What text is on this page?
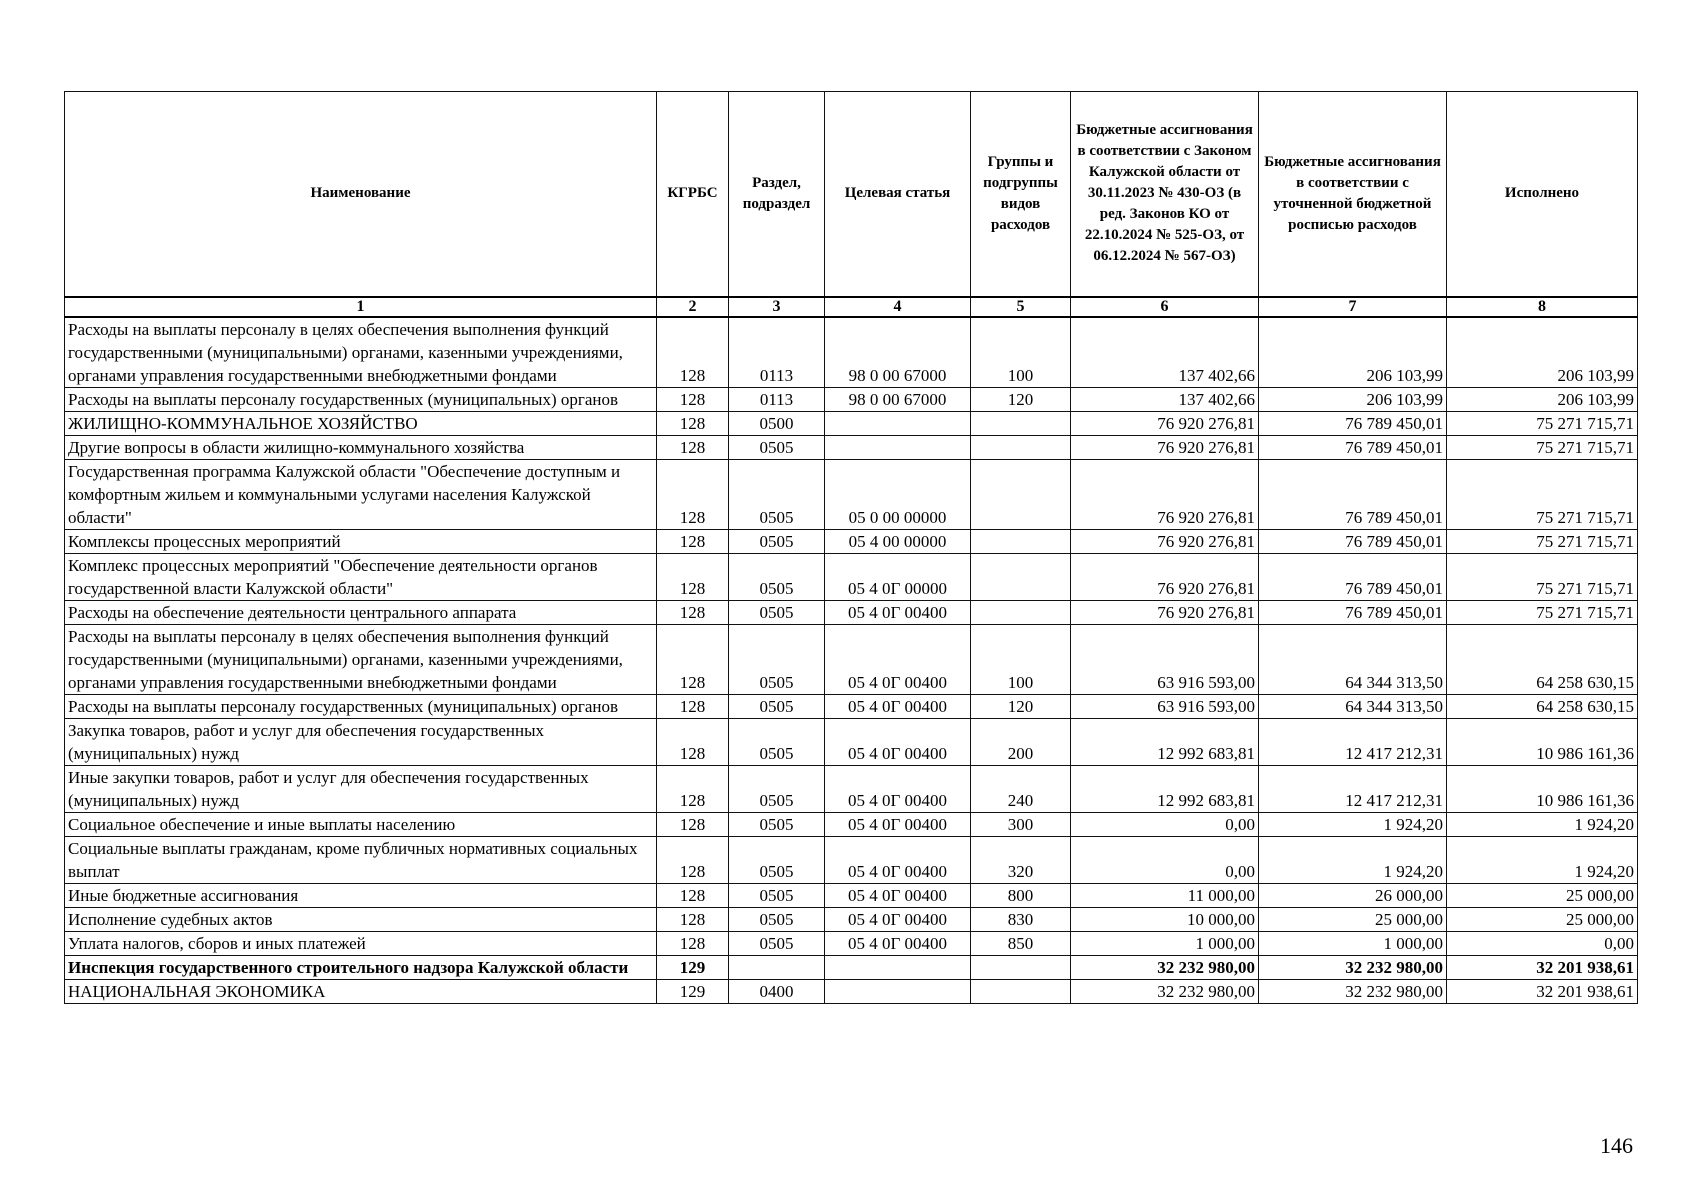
Наименование	КГРБС	Раздел, подраздел	Целевая статья	Группы и подгруппы видов расходов	Бюджетные ассигнования в соответствии с Законом Калужской области от 30.11.2023 № 430-ОЗ (в ред. Законов КО от 22.10.2024 № 525-ОЗ, от 06.12.2024 № 567-ОЗ)	Бюджетные ассигнования в соответствии с уточненной бюджетной росписью расходов	Исполнено
1	2	3	4	5	6	7	8
Расходы на выплаты персоналу в целях обеспечения выполнения функций государственными (муниципальными) органами, казенными учреждениями, органами управления государственными внебюджетными фондами	128	0113	98 0 00 67000	100	137 402,66	206 103,99	206 103,99
Расходы на выплаты персоналу государственных (муниципальных) органов	128	0113	98 0 00 67000	120	137 402,66	206 103,99	206 103,99
ЖИЛИЩНО-КОММУНАЛЬНОЕ ХОЗЯЙСТВО	128	0500			76 920 276,81	76 789 450,01	75 271 715,71
Другие вопросы в области жилищно-коммунального хозяйства	128	0505			76 920 276,81	76 789 450,01	75 271 715,71
Государственная программа Калужской области "Обеспечение доступным и комфортным жильем и коммунальными услугами населения Калужской области"	128	0505	05 0 00 00000		76 920 276,81	76 789 450,01	75 271 715,71
Комплексы процессных мероприятий	128	0505	05 4 00 00000		76 920 276,81	76 789 450,01	75 271 715,71
Комплекс процессных мероприятий "Обеспечение деятельности органов государственной власти Калужской области"	128	0505	05 4 0Г 00000		76 920 276,81	76 789 450,01	75 271 715,71
Расходы на обеспечение деятельности центрального аппарата	128	0505	05 4 0Г 00400		76 920 276,81	76 789 450,01	75 271 715,71
Расходы на выплаты персоналу в целях обеспечения выполнения функций государственными (муниципальными) органами, казенными учреждениями, органами управления государственными внебюджетными фондами	128	0505	05 4 0Г 00400	100	63 916 593,00	64 344 313,50	64 258 630,15
Расходы на выплаты персоналу государственных (муниципальных) органов	128	0505	05 4 0Г 00400	120	63 916 593,00	64 344 313,50	64 258 630,15
Закупка товаров, работ и услуг для обеспечения государственных (муниципальных) нужд	128	0505	05 4 0Г 00400	200	12 992 683,81	12 417 212,31	10 986 161,36
Иные закупки товаров, работ и услуг для обеспечения государственных (муниципальных) нужд	128	0505	05 4 0Г 00400	240	12 992 683,81	12 417 212,31	10 986 161,36
Социальное обеспечение и иные выплаты населению	128	0505	05 4 0Г 00400	300	0,00	1 924,20	1 924,20
Социальные выплаты гражданам, кроме публичных нормативных социальных выплат	128	0505	05 4 0Г 00400	320	0,00	1 924,20	1 924,20
Иные бюджетные ассигнования	128	0505	05 4 0Г 00400	800	11 000,00	26 000,00	25 000,00
Исполнение судебных актов	128	0505	05 4 0Г 00400	830	10 000,00	25 000,00	25 000,00
Уплата налогов, сборов и иных платежей	128	0505	05 4 0Г 00400	850	1 000,00	1 000,00	0,00
Инспекция государственного строительного надзора Калужской области	129				32 232 980,00	32 232 980,00	32 201 938,61
НАЦИОНАЛЬНАЯ ЭКОНОМИКА	129	0400			32 232 980,00	32 232 980,00	32 201 938,61
146
